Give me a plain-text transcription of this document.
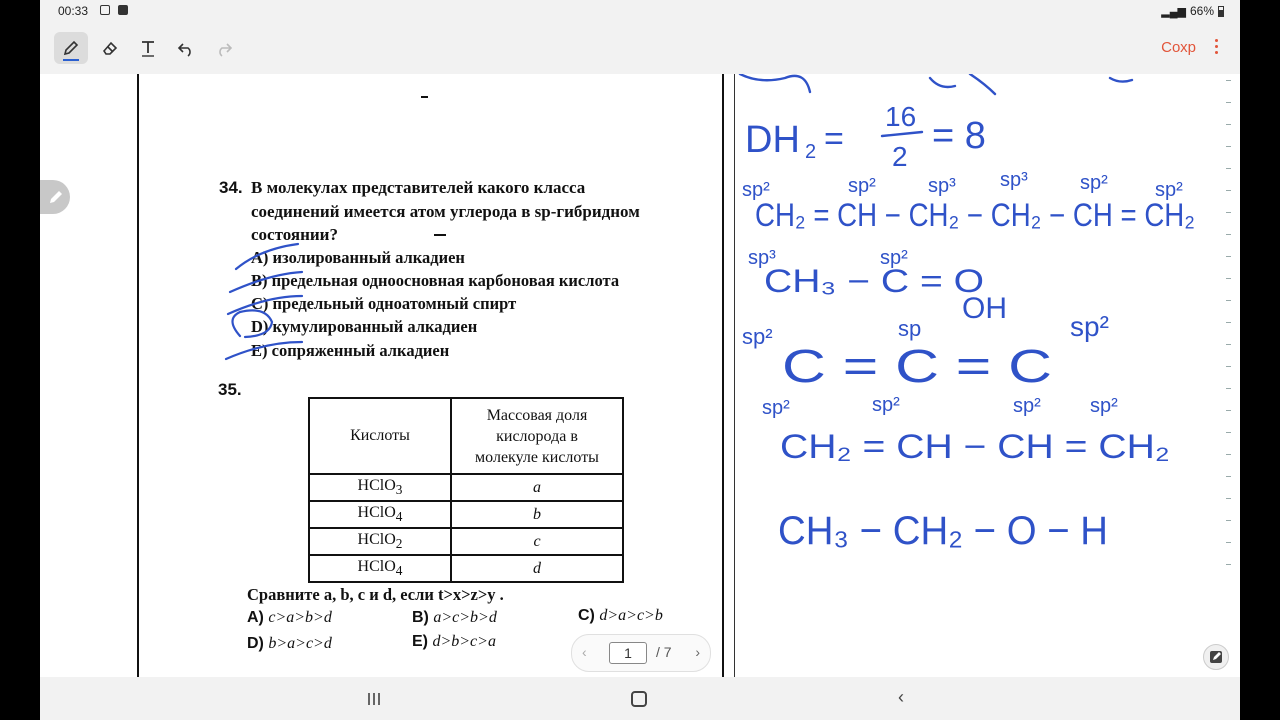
00:33	▂▄▆ 66%
Сохр
34. В молекулах представителей какого класса
соединений имеется атом углерода в sp-гибридном
состоянии?
А) изолированный алкадиен
В) предельная одноосновная карбоновая кислота
С) предельный одноатомный спирт
D) кумулированный алкадиен
Е) сопряженный алкадиен
35.
Кислоты	Массовая доля
кислорода в
молекуле кислоты
HClO$_3$	a
HClO$_4$	b
HClO$_2$	c
HClO$_4$	d
Сравните a, b, c и d, если t>x>z>y .
A) c>a>b>d	B) a>c>b>d	C) d>a>c>b
D) b>a>c>d	E) d>b>c>a
DH 2 =
16
2 = 8
sp²
CH₂ = CH − CH₂ − CH₂ − CH = CH₂
sp²	sp³ sp³	sp² sp²
sp³
CH₃ − C = O
sp²
OH
sp²
C = C = C
sp	sp²
sp²
CH₂ = CH − CH = CH₂
sp²	sp² sp²
CH₃ − CH₂ − O − H
‹	1	/ 7 ›
‹
